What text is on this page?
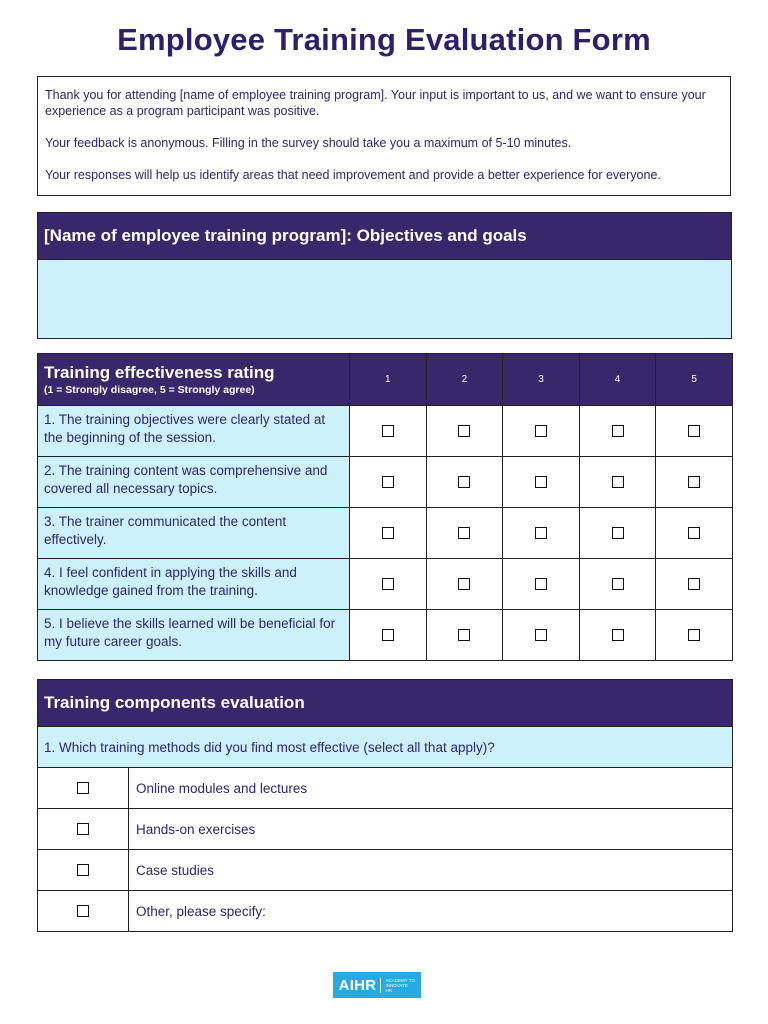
Employee Training Evaluation Form

Thank you for attending [name of employee training program]. Your input is important to us, and we want to ensure your experience as a program participant was positive.

Your feedback is anonymous. Filling in the survey should take you a maximum of 5-10 minutes.

Your responses will help us identify areas that need improvement and provide a better experience for everyone.

[Name of employee training program]: Objectives and goals
Training effectiveness rating
(1 = Strongly disagree, 5 = Strongly agree)	1	2	3	4	5
1. The training objectives were clearly stated at the beginning of the session.					
2. The training content was comprehensive and covered all necessary topics.					
3. The trainer communicated the content effectively.					
4. I feel confident in applying the skills and knowledge gained from the training.					
5. I believe the skills learned will be beneficial for my future career goals.					
Training components evaluation	
1. Which training methods did you find most effective (select all that apply)?	
	Online modules and lectures
	Hands-on exercises
	Case studies
	Other, please specify:
AIHR ACADEMY TO INNOVATE HR
